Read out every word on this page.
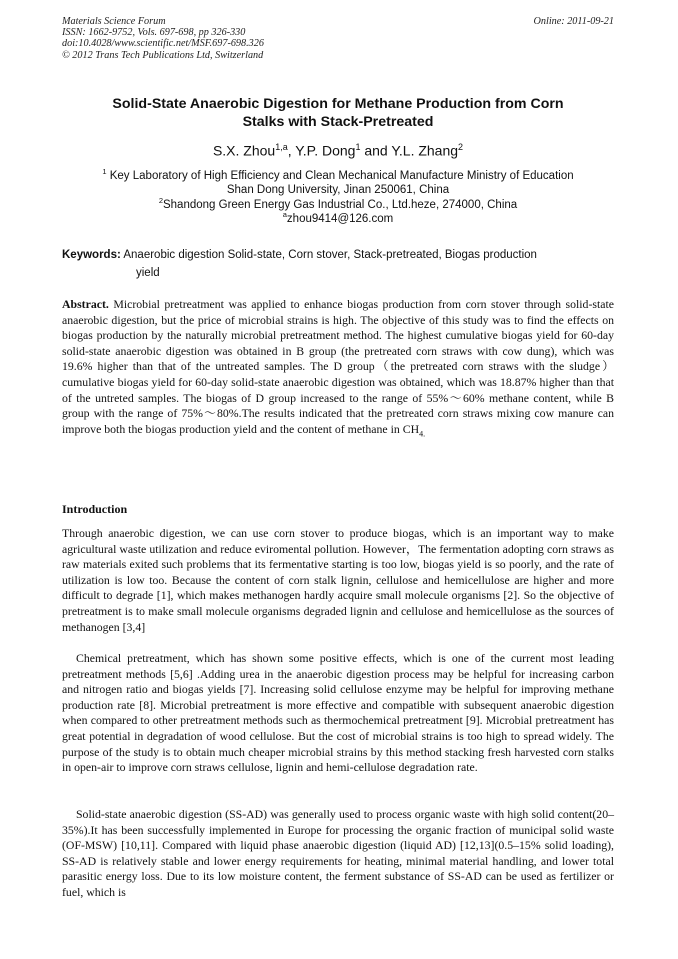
Materials Science Forum
ISSN: 1662-9752, Vols. 697-698, pp 326-330
doi:10.4028/www.scientific.net/MSF.697-698.326
© 2012 Trans Tech Publications Ltd, Switzerland
Online: 2011-09-21
Solid-State Anaerobic Digestion for Methane Production from Corn
Stalks with Stack-Pretreated
S.X. Zhou$^{1,a}$, Y.P. Dong$^1$ and Y.L. Zhang$^2$
$^1$ Key Laboratory of High Efficiency and Clean Mechanical Manufacture Ministry of Education
Shan Dong University, Jinan 250061, China
$^2$Shandong Green Energy Gas Industrial Co., Ltd.heze, 274000, China
$^a$zhou9414@126.com
Keywords: Anaerobic digestion Solid-state, Corn stover, Stack-pretreated, Biogas production
yield
Abstract. Microbial pretreatment was applied to enhance biogas production from corn stover through solid-state anaerobic digestion, but the price of microbial strains is high. The objective of this study was to find the effects on biogas production by the naturally microbial pretreatment method. The highest cumulative biogas yield for 60-day solid-state anaerobic digestion was obtained in B group (the pretreated corn straws with cow dung), which was 19.6% higher than that of the untreated samples. The D group（the pretreated corn straws with the sludge）cumulative biogas yield for 60-day solid-state anaerobic digestion was obtained, which was 18.87% higher than that of the untreted samples. The biogas of D group increased to the range of 55%～60% methane content, while B group with the range of 75%～80%.The results indicated that the pretreated corn straws mixing cow manure can improve both the biogas production yield and the content of methane in $CH_{4.}$
Introduction
Through anaerobic digestion, we can use corn stover to produce biogas, which is an important way to make agricultural waste utilization and reduce eviromental pollution. However，The fermentation adopting corn straws as raw materials exited such problems that its fermentative starting is too low, biogas yield is so poorly, and the rate of utilization is low too. Because the content of corn stalk lignin, cellulose and hemicellulose are higher and more difficult to degrade [1], which makes methanogen hardly acquire small molecule organisms [2]. So the objective of pretreatment is to make small molecule organisms degraded lignin and cellulose and hemicellulose as the sources of methanogen [3,4]
Chemical pretreatment, which has shown some positive effects, which is one of the current most leading pretreatment methods [5,6] .Adding urea in the anaerobic digestion process may be helpful for increasing carbon and nitrogen ratio and biogas yields [7]. Increasing solid cellulose enzyme may be helpful for improving methane production rate [8]. Microbial pretreatment is more effective and compatible with subsequent anaerobic digestion when compared to other pretreatment methods such as thermochemical pretreatment [9]. Microbial pretreatment has great potential in degradation of wood cellulose. But the cost of microbial strains is too high to spread widely. The purpose of the study is to obtain much cheaper microbial strains by this method stacking fresh harvested corn stalks in open-air to improve corn straws cellulose, lignin and hemi-cellulose degradation rate.
Solid-state anaerobic digestion (SS-AD) was generally used to process organic waste with high solid content(20–35%).It has been successfully implemented in Europe for processing the organic fraction of municipal solid waste (OF-MSW) [10,11]. Compared with liquid phase anaerobic digestion (liquid AD) [12,13](0.5–15% solid loading), SS-AD is relatively stable and lower energy requirements for heating, minimal material handling, and lower total parasitic energy loss. Due to its low moisture content, the ferment substance of SS-AD can be used as fertilizer or fuel, which is
